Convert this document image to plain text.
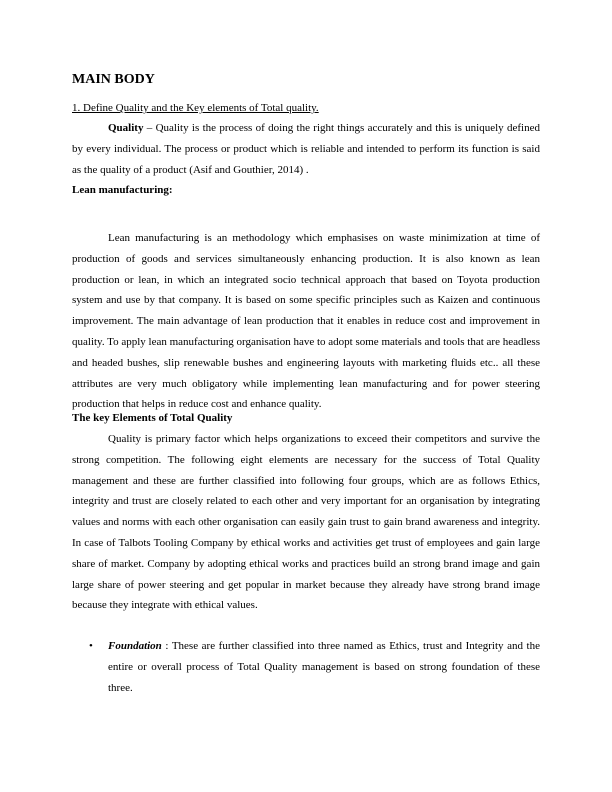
MAIN BODY
1. Define Quality and the Key elements of Total quality.

Quality – Quality is the process of doing the right things accurately and this is uniquely defined by every individual. The process or product which is reliable and intended to perform its function is said as the quality of a product (Asif and Gouthier, 2014) .

Lean manufacturing:

Lean manufacturing is an methodology which emphasises on waste minimization at time of production of goods and services simultaneously enhancing production. It is also known as lean production or lean, in which an integrated socio technical approach that based on Toyota production system and use by that company. It is based on some specific principles such as Kaizen and continuous improvement. The main advantage of lean production that it enables in reduce cost and improvement in quality. To apply lean manufacturing organisation have to adopt some materials and tools that are headless and headed bushes, slip renewable bushes and engineering layouts with marketing fluids etc.. all these attributes are very much obligatory while implementing lean manufacturing and for power steering production that helps in reduce cost and enhance quality.

The key Elements of Total Quality

Quality is primary factor which helps organizations to exceed their competitors and survive the strong competition. The following eight elements are necessary for the success of Total Quality management and these are further classified into following four groups, which are as follows Ethics, integrity and trust are closely related to each other and very important for an organisation by integrating values and norms with each other organisation can easily gain trust to gain brand awareness and integrity. In case of Talbots Tooling Company by ethical works and activities get trust of employees and gain large share of market. Company by adopting ethical works and practices build an strong brand image and gain large share of power steering and get popular in market because they already have strong brand image because they integrate with ethical values.

• Foundation : These are further classified into three named as Ethics, trust and Integrity and the entire or overall process of Total Quality management is based on strong foundation of these three.
